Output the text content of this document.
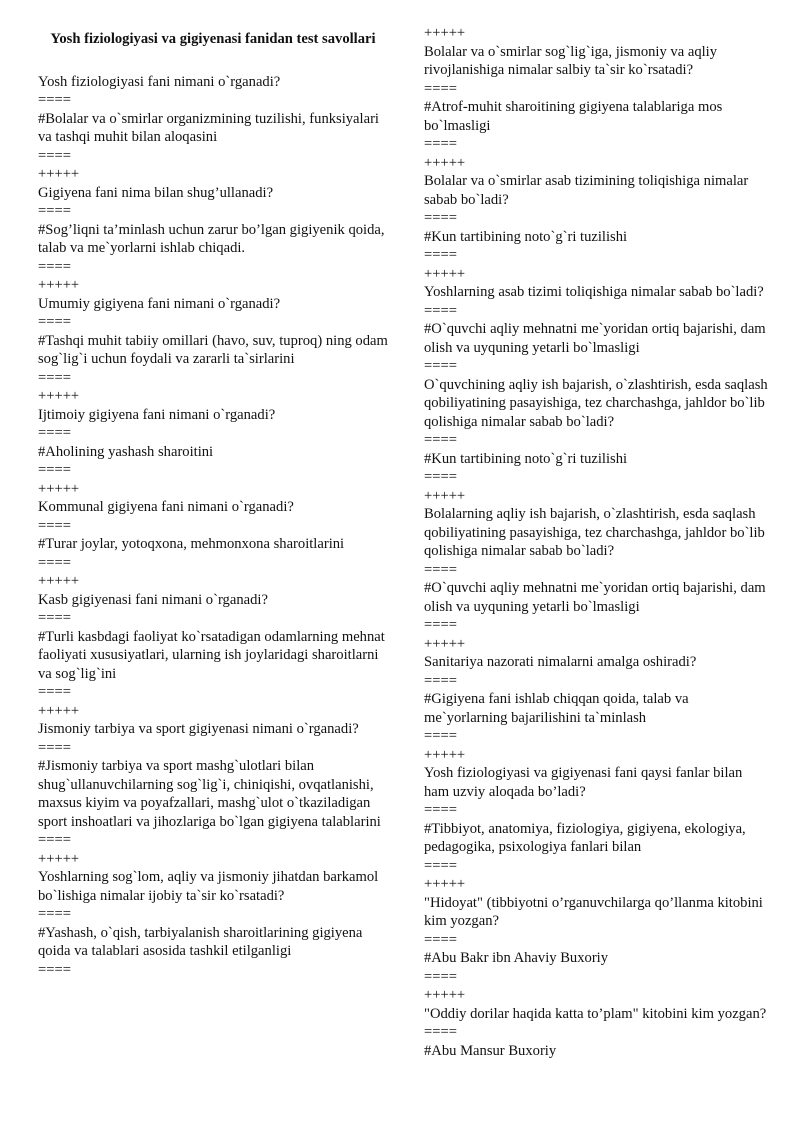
Yosh fiziologiyasi va gigiyenasi fanidan test savollari
Yosh fiziologiyasi fani nimani o`rganadi?
====
#Bolalar va o`smirlar organizmining tuzilishi, funksiyalari va tashqi muhit bilan aloqasini
====
+++++
Gigiyena fani nima bilan shug’ullanadi?
====
#Sog’liqni ta’minlash uchun zarur bo’lgan gigiyenik qoida, talab va me`yorlarni ishlab chiqadi.
====
+++++
Umumiy gigiyena fani nimani o`rganadi?
====
#Tashqi muhit tabiiy omillari (havo, suv, tuproq) ning odam sog`lig`i uchun foydali va zararli ta`sirlarini
====
+++++
Ijtimoiy gigiyena fani nimani o`rganadi?
====
#Aholining yashash sharoitini
====
+++++
Kommunal gigiyena fani nimani o`rganadi?
====
#Turar joylar, yotoqxona, mehmonxona sharoitlarini
====
+++++
Kasb gigiyenasi fani nimani o`rganadi?
====
#Turli kasbdagi faoliyat ko`rsatadigan odamlarning mehnat faoliyati xususiyatlari, ularning ish joylaridagi sharoitlarni va sog`lig`ini
====
+++++
Jismoniy tarbiya va sport gigiyenasi nimani o`rganadi?
====
#Jismoniy tarbiya va sport mashg`ulotlari bilan shug`ullanuvchilarning sog`lig`i, chiniqishi, ovqatlanishi, maxsus kiyim va poyafzallari, mashg`ulot o`tkaziladigan sport inshoatlari va jihozlariga bo`lgan gigiyena talablarini
====
+++++
Yoshlarning sog`lom, aqliy va jismoniy jihatdan barkamol bo`lishiga nimalar ijobiy ta`sir ko`rsatadi?
====
#Yashash, o`qish, tarbiyalanish sharoitlarining gigiyena qoida va talablari asosida tashkil etilganligi
====
+++++
Bolalar va o`smirlar sog`lig`iga, jismoniy va aqliy rivojlanishiga nimalar salbiy ta`sir ko`rsatadi?
====
#Atrof-muhit sharoitining gigiyena talablariga mos bo`lmasligi
====
+++++
Bolalar va o`smirlar asab tizimining toliqishiga nimalar sabab bo`ladi?
====
#Kun tartibining noto`g`ri tuzilishi
====
+++++
Yoshlarning asab tizimi toliqishiga nimalar sabab bo`ladi?
====
#O`quvchi aqliy mehnatni me`yoridan ortiq bajarishi, dam olish va uyquning yetarli bo`lmasligi
====
O`quvchining aqliy ish bajarish, o`zlashtirish, esda saqlash qobiliyatining pasayishiga, tez charchashga, jahldor bo`lib qolishiga nimalar sabab bo`ladi?
====
#Kun tartibining noto`g`ri tuzilishi
====
+++++
Bolalarning aqliy ish bajarish, o`zlashtirish, esda saqlash qobiliyatining pasayishiga, tez charchashga, jahldor bo`lib qolishiga nimalar sabab bo`ladi?
====
#O`quvchi aqliy mehnatni me`yoridan ortiq bajarishi, dam olish va uyquning yetarli bo`lmasligi
====
+++++
Sanitariya nazorati nimalarni amalga oshiradi?
====
#Gigiyena fani ishlab chiqqan qoida, talab va me`yorlarning bajarilishini ta`minlash
====
+++++
Yosh fiziologiyasi va gigiyenasi fani qaysi fanlar bilan ham uzviy aloqada bo’ladi?
====
#Tibbiyot, anatomiya, fiziologiya, gigiyena, ekologiya, pedagogika, psixologiya fanlari bilan
====
+++++
"Hidoyat" (tibbiyotni o’rganuvchilarga qo’llanma kitobini kim yozgan?
====
#Abu Bakr ibn Ahaviy Buxoriy
====
+++++
"Oddiy dorilar haqida katta to’plam" kitobini kim yozgan?
====
#Abu Mansur Buxoriy
